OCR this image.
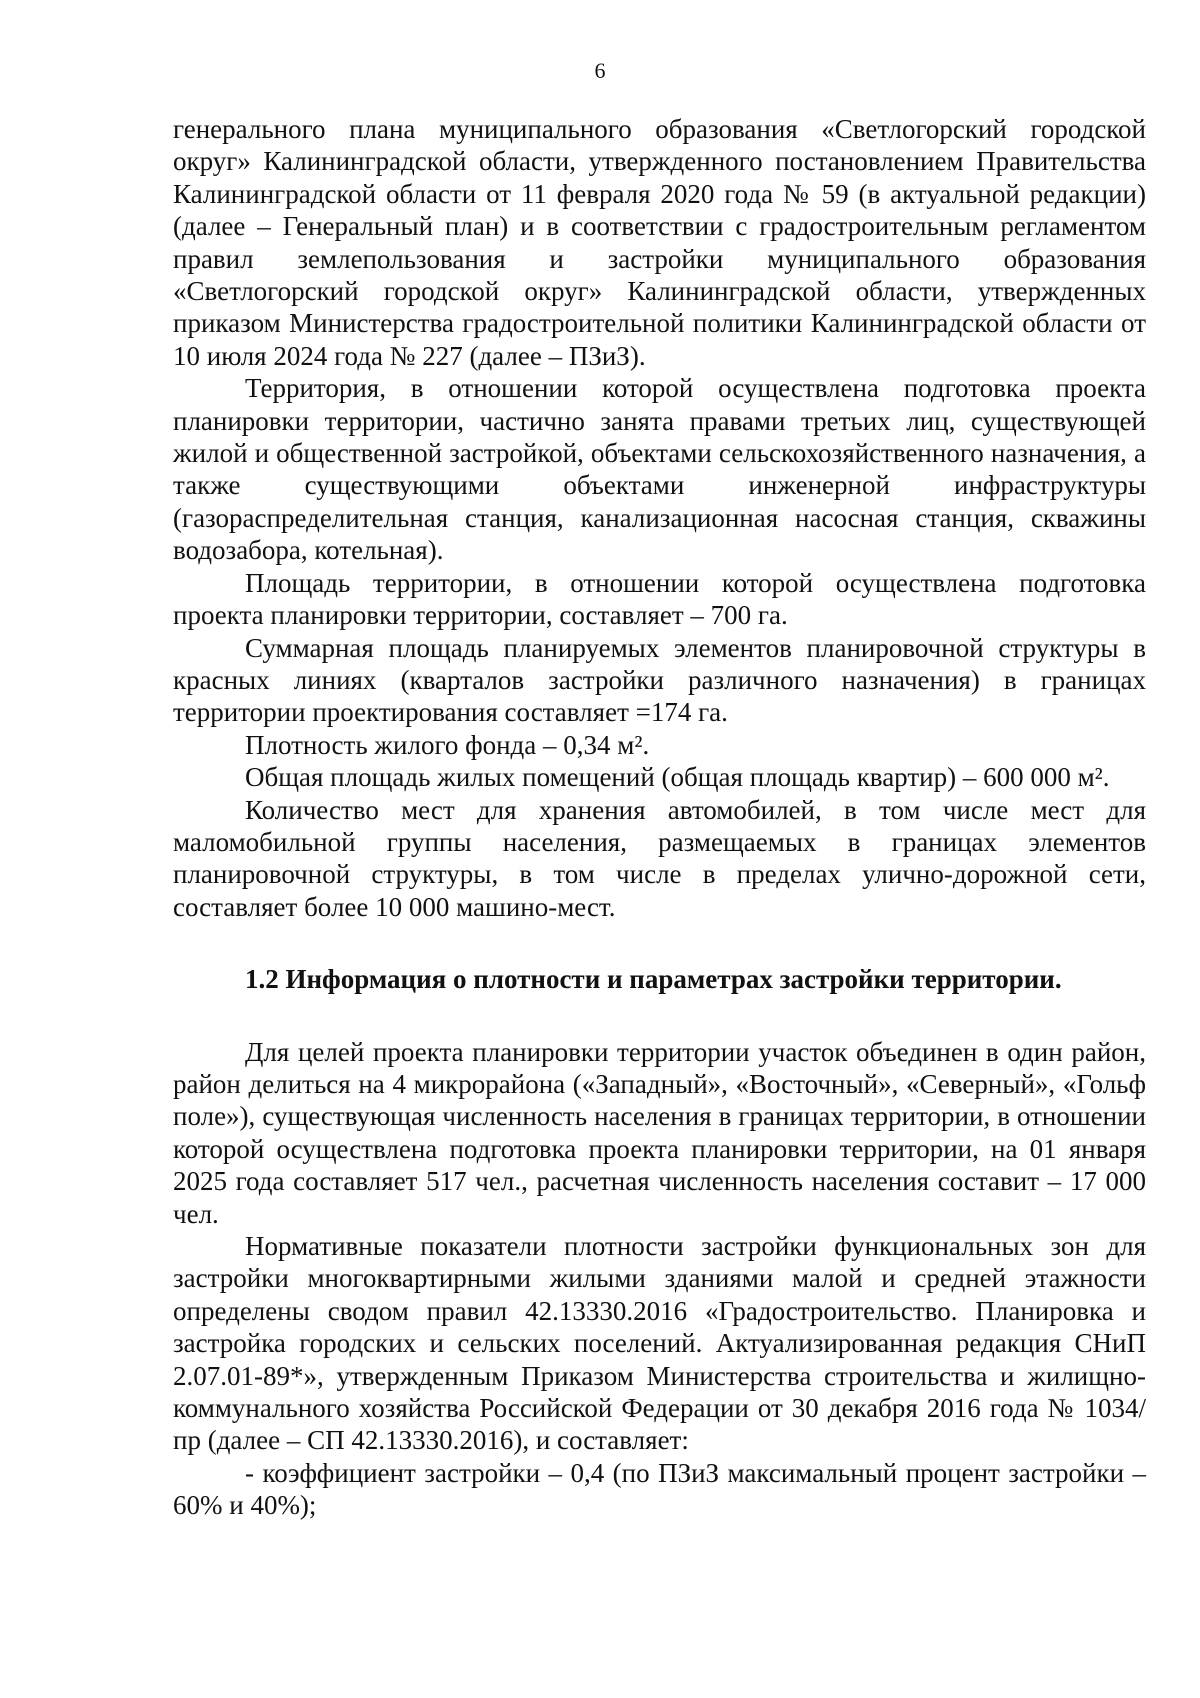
6

генерального плана муниципального образования «Светлогорский городской округ» Калининградской области, утвержденного постановлением Правительства Калининградской области от 11 февраля 2020 года № 59 (в актуальной редакции) (далее – Генеральный план) и в соответствии с градостроительным регламентом правил землепользования и застройки муниципального образования «Светлогорский городской округ» Калининградской области, утвержденных приказом Министерства градостроительной политики Калининградской области от 10 июля 2024 года № 227 (далее – ПЗиЗ).

Территория, в отношении которой осуществлена подготовка проекта планировки территории, частично занята правами третьих лиц, существующей жилой и общественной застройкой, объектами сельскохозяйственного назначения, а также существующими объектами инженерной инфраструктуры (газораспределительная станция, канализационная насосная станция, скважины водозабора, котельная).

Площадь территории, в отношении которой осуществлена подготовка проекта планировки территории, составляет – 700 га.

Суммарная площадь планируемых элементов планировочной структуры в красных линиях (кварталов застройки различного назначения) в границах территории проектирования составляет =174 га.

Плотность жилого фонда – 0,34 м².

Общая площадь жилых помещений (общая площадь квартир) – 600 000 м².

Количество мест для хранения автомобилей, в том числе мест для маломобильной группы населения, размещаемых в границах элементов планировочной структуры, в том числе в пределах улично-дорожной сети, составляет более 10 000 машино-мест.

1.2 Информация о плотности и параметрах застройки территории.

Для целей проекта планировки территории участок объединен в один район, район делиться на 4 микрорайона («Западный», «Восточный», «Северный», «Гольф поле»), существующая численность населения в границах территории, в отношении которой осуществлена подготовка проекта планировки территории, на 01 января 2025 года составляет 517 чел., расчетная численность населения составит – 17 000 чел.

Нормативные показатели плотности застройки функциональных зон для застройки многоквартирными жилыми зданиями малой и средней этажности определены сводом правил 42.13330.2016 «Градостроительство. Планировка и застройка городских и сельских поселений. Актуализированная редакция СНиП 2.07.01-89*», утвержденным Приказом Министерства строительства и жилищно-коммунального хозяйства Российской Федерации от 30 декабря 2016 года № 1034/пр (далее – СП 42.13330.2016), и составляет:

- коэффициент застройки – 0,4 (по ПЗиЗ максимальный процент застройки – 60% и 40%);
